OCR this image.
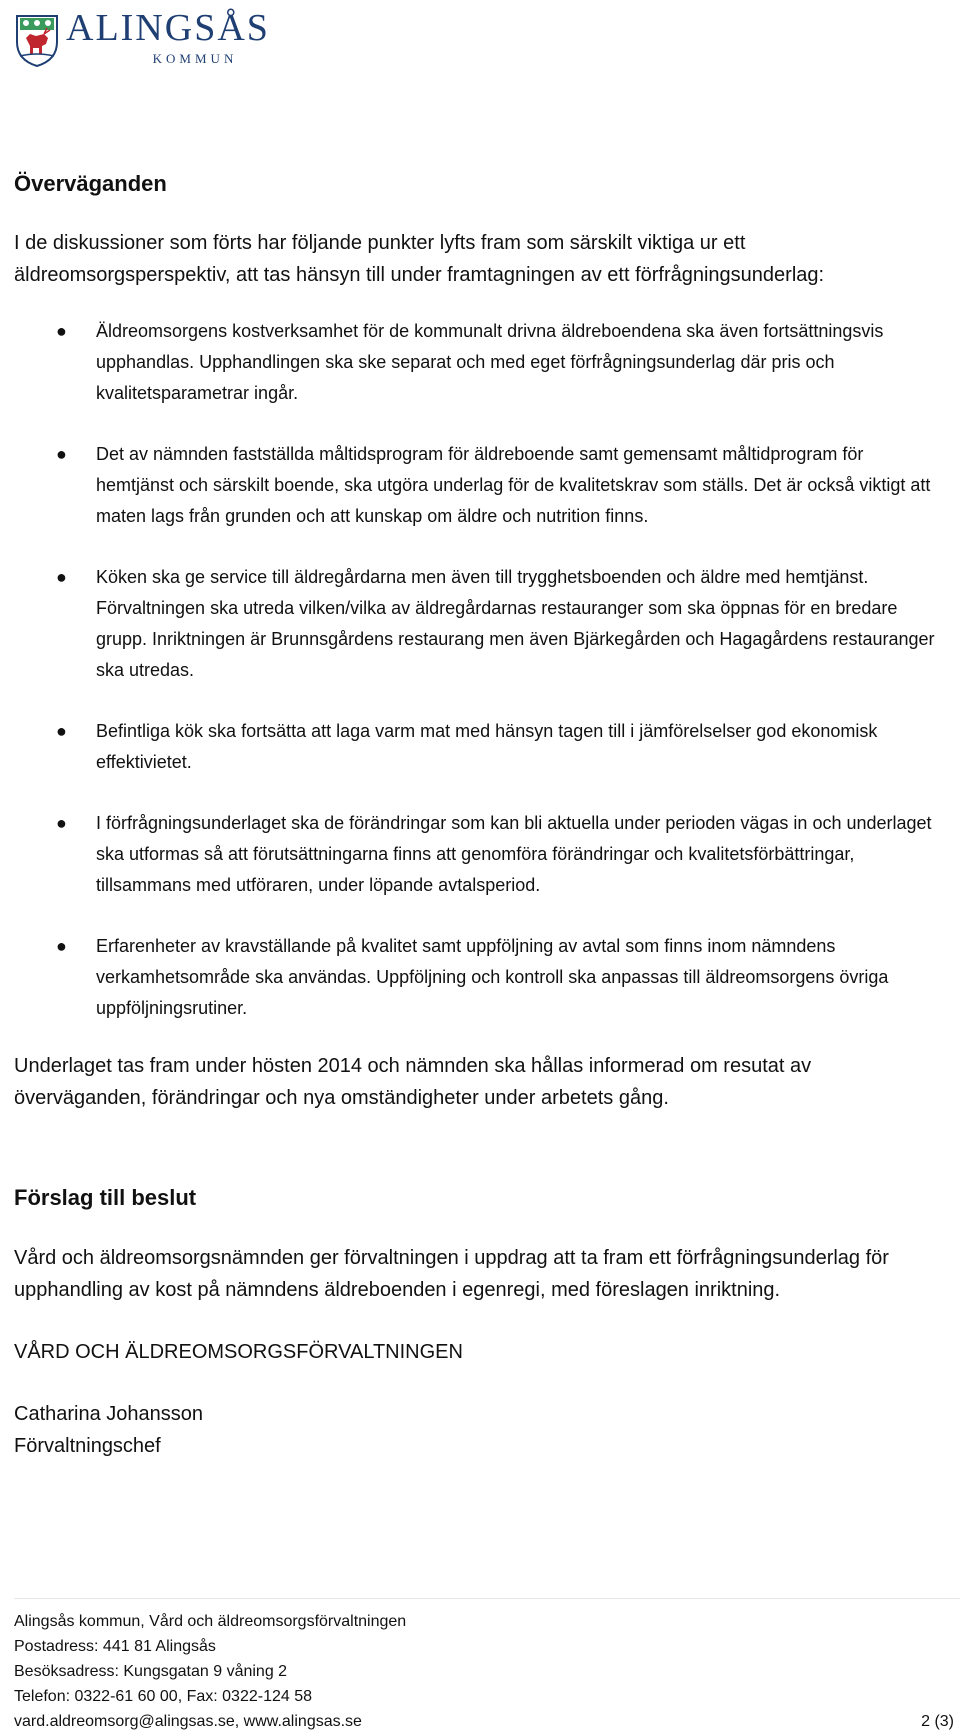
ALINGSÅS
KOMMUN
Överväganden

I de diskussioner som förts har följande punkter lyfts fram som särskilt viktiga ur ett äldreomsorgsperspektiv, att tas hänsyn till under framtagningen av ett förfrågningsunderlag:

● Äldreomsorgens kostverksamhet för de kommunalt drivna äldreboendena ska även fortsättningsvis upphandlas. Upphandlingen ska ske separat och med eget förfrågningsunderlag där pris och kvalitetsparametrar ingår.
● Det av nämnden fastställda måltidsprogram för äldreboende samt gemensamt måltidprogram för hemtjänst och särskilt boende, ska utgöra underlag för de kvalitetskrav som ställs. Det är också viktigt att maten lags från grunden och att kunskap om äldre och nutrition finns.
● Köken ska ge service till äldregårdarna men även till trygghetsboenden och äldre med hemtjänst. Förvaltningen ska utreda vilken/vilka av äldregårdarnas restauranger som ska öppnas för en bredare grupp. Inriktningen är Brunnsgårdens restaurang men även Bjärkegården och Hagagårdens restauranger ska utredas.
● Befintliga kök ska fortsätta att laga varm mat med hänsyn tagen till i jämförelselser god ekonomisk effektivietet.
● I förfrågningsunderlaget ska de förändringar som kan bli aktuella under perioden vägas in och underlaget ska utformas så att förutsättningarna finns att genomföra förändringar och kvalitetsförbättringar, tillsammans med utföraren, under löpande avtalsperiod.
● Erfarenheter av kravställande på kvalitet samt uppföljning av avtal som finns inom nämndens verkamhetsområde ska användas. Uppföljning och kontroll ska anpassas till äldreomsorgens övriga uppföljningsrutiner.

Underlaget tas fram under hösten 2014 och nämnden ska hållas informerad om resutat av överväganden, förändringar och nya omständigheter under arbetets gång.

Förslag till beslut

Vård och äldreomsorgsnämnden ger förvaltningen i uppdrag att ta fram ett förfrågningsunderlag för upphandling av kost på nämndens äldreboenden i egenregi, med föreslagen inriktning.

VÅRD OCH ÄLDREOMSORGSFÖRVALTNINGEN

Catharina Johansson

Förvaltningschef

Alingsås kommun, Vård och äldreomsorgsförvaltningen
Postadress: 441 81 Alingsås
Besöksadress: Kungsgatan 9 våning 2
Telefon: 0322-61 60 00, Fax: 0322-124 58
vard.aldreomsorg@alingsas.se, www.alingsas.se	2 (3)
